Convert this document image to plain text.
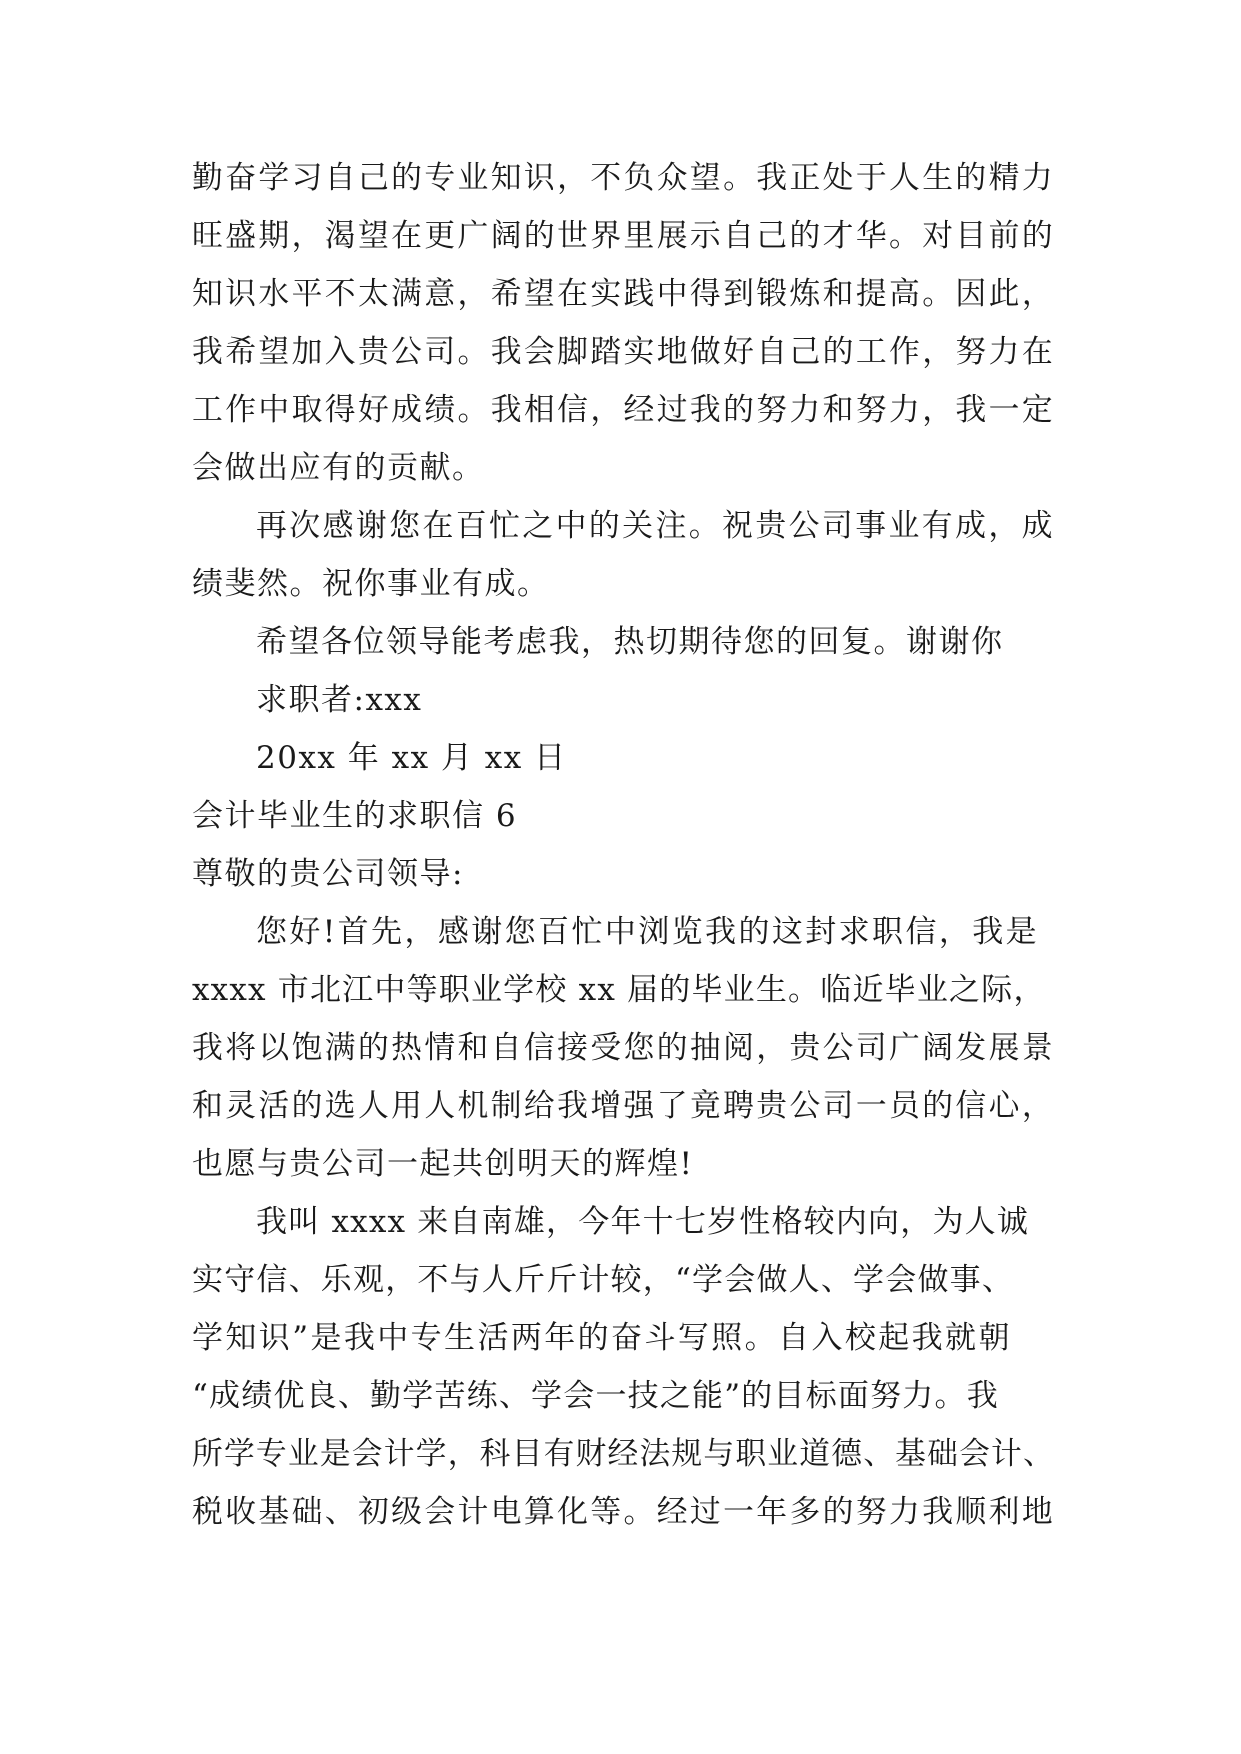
勤奋学习自己的专业知识，不负众望。我正处于人生的精力
旺盛期，渴望在更广阔的世界里展示自己的才华。对目前的
知识水平不太满意，希望在实践中得到锻炼和提高。因此，
我希望加入贵公司。我会脚踏实地做好自己的工作，努力在
工作中取得好成绩。我相信，经过我的努力和努力，我一定
会做出应有的贡献。
再次感谢您在百忙之中的关注。祝贵公司事业有成，成
绩斐然。祝你事业有成。
希望各位领导能考虑我，热切期待您的回复。谢谢你
求职者:xxx
20xx 年 xx 月 xx 日
会计毕业生的求职信 6
尊敬的贵公司领导:
您好!首先，感谢您百忙中浏览我的这封求职信，我是
xxxx 市北江中等职业学校 xx 届的毕业生。临近毕业之际，
我将以饱满的热情和自信接受您的抽阅，贵公司广阔发展景
和灵活的选人用人机制给我增强了竟聘贵公司一员的信心，
也愿与贵公司一起共创明天的辉煌!
我叫 xxxx 来自南雄，今年十七岁性格较内向，为人诚
实守信、乐观，不与人斤斤计较，“学会做人、学会做事、
学知识”是我中专生活两年的奋斗写照。自入校起我就朝
“成绩优良、勤学苦练、学会一技之能”的目标面努力。我
所学专业是会计学，科目有财经法规与职业道德、基础会计、
税收基础、初级会计电算化等。经过一年多的努力我顺利地
